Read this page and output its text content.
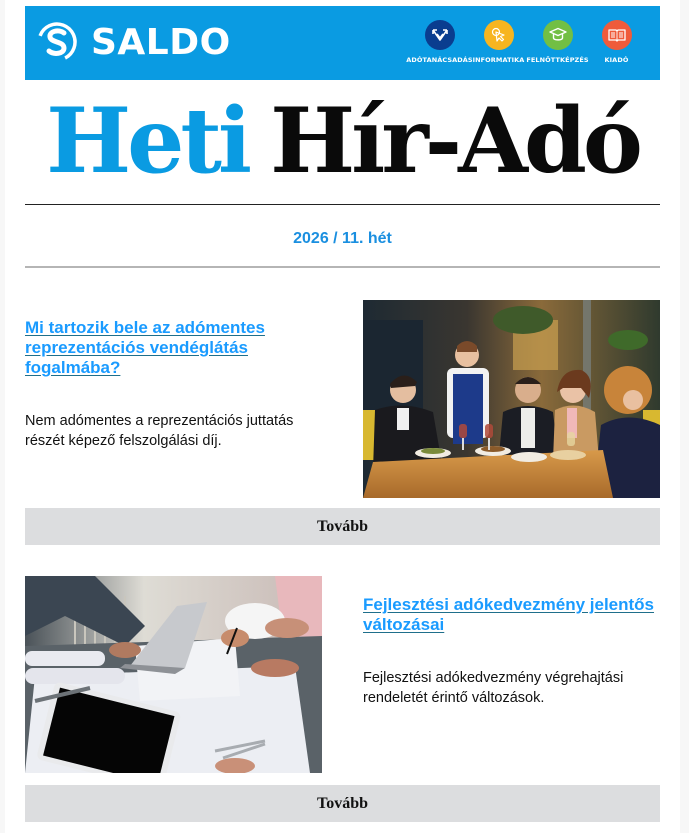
SALDO	ADÓTANÁCSADÁS INFORMATIKA FELNŐTTKÉPZÉS KIADÓ
Heti Hír-Adó
2026 / 11. hét
Mi tartozik bele az adómentes reprezentációs vendéglátás fogalmába?
Nem adómentes a reprezentációs juttatás részét képező felszolgálási díj.
Tovább
Fejlesztési adókedvezmény jelentős változásai
Fejlesztési adókedvezmény végrehajtási rendeletét érintő változások.
Tovább
